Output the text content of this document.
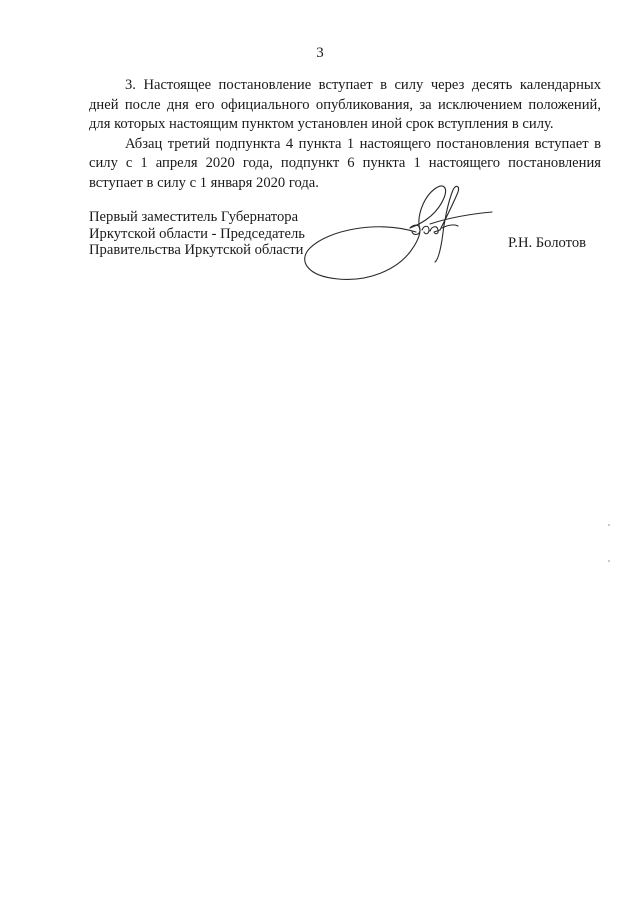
3

3. Настоящее постановление вступает в силу через десять календарных дней после дня его официального опубликования, за исключением положений, для которых настоящим пунктом установлен иной срок вступления в силу.

Абзац третий подпункта 4 пункта 1 настоящего постановления вступает в силу с 1 апреля 2020 года, подпункт 6 пункта 1 настоящего постановления вступает в силу с 1 января 2020 года.

Первый заместитель Губернатора
Иркутской области - Председатель
Правительства Иркутской области	Р.Н. Болотов
